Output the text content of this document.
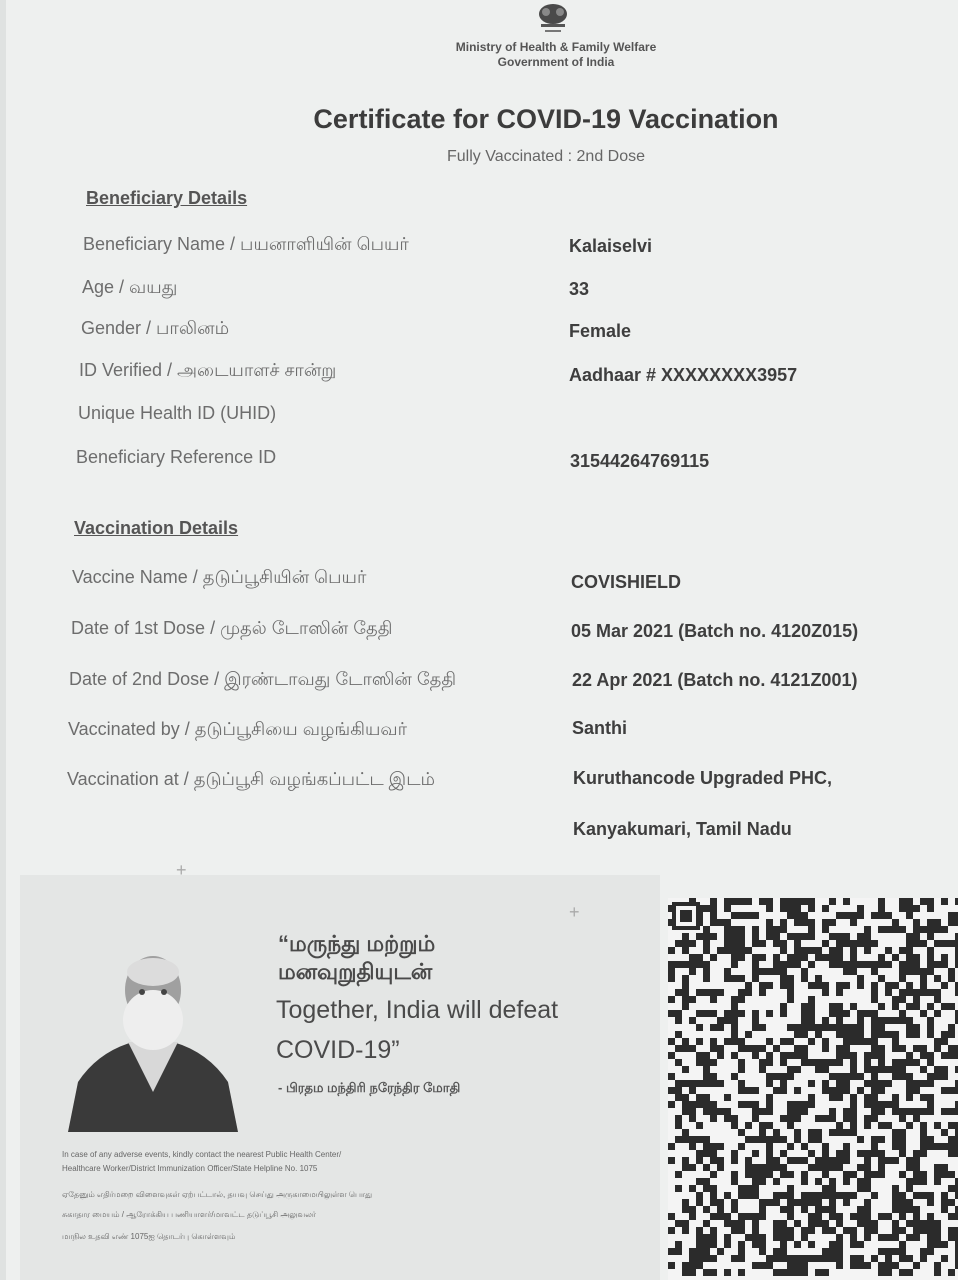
Ministry of Health & Family Welfare
Government of India
Certificate for COVID-19 Vaccination
Fully Vaccinated : 2nd Dose
Beneficiary Details
Beneficiary Name / பயனாளியின் பெயர்	Kalaiselvi
Age / வயது	33
Gender / பாலினம்	Female
ID Verified / அடையாளச் சான்று	Aadhaar # XXXXXXXX3957
Unique Health ID (UHID)
Beneficiary Reference ID	31544264769115
Vaccination Details
Vaccine Name / தடுப்பூசியின் பெயர்	COVISHIELD
Date of 1st Dose / முதல் டோஸின் தேதி	05 Mar 2021 (Batch no. 4120Z015)
Date of 2nd Dose / இரண்டாவது டோஸின் தேதி	22 Apr 2021 (Batch no. 4121Z001)
Vaccinated by / தடுப்பூசியை வழங்கியவர்	Santhi
Vaccination at / தடுப்பூசி வழங்கப்பட்ட இடம்	Kuruthancode Upgraded PHC,
Kanyakumari, Tamil Nadu
+
+
“மருந்து மற்றும்
மனவுறுதியுடன்
Together, India will defeat COVID-19”
- பிரதம மந்திரி நரேந்திர மோதி
In case of any adverse events, kindly contact the nearest Public Health Center/
Healthcare Worker/District Immunization Officer/State Helpline No. 1075
ஏதேனும் எதிர்மறை விளைவுகள் ஏற்பட்டால், தயவு செய்து அருகாமையிலுள்ள பொது
சுகாதார மையம் / ஆரோக்கிய பணியாளர்/மாவட்ட தடுப்பூசி அலுவலர்
மாநில உதவி எண் 1075ஐ தொடர்பு கொள்ளவும்
